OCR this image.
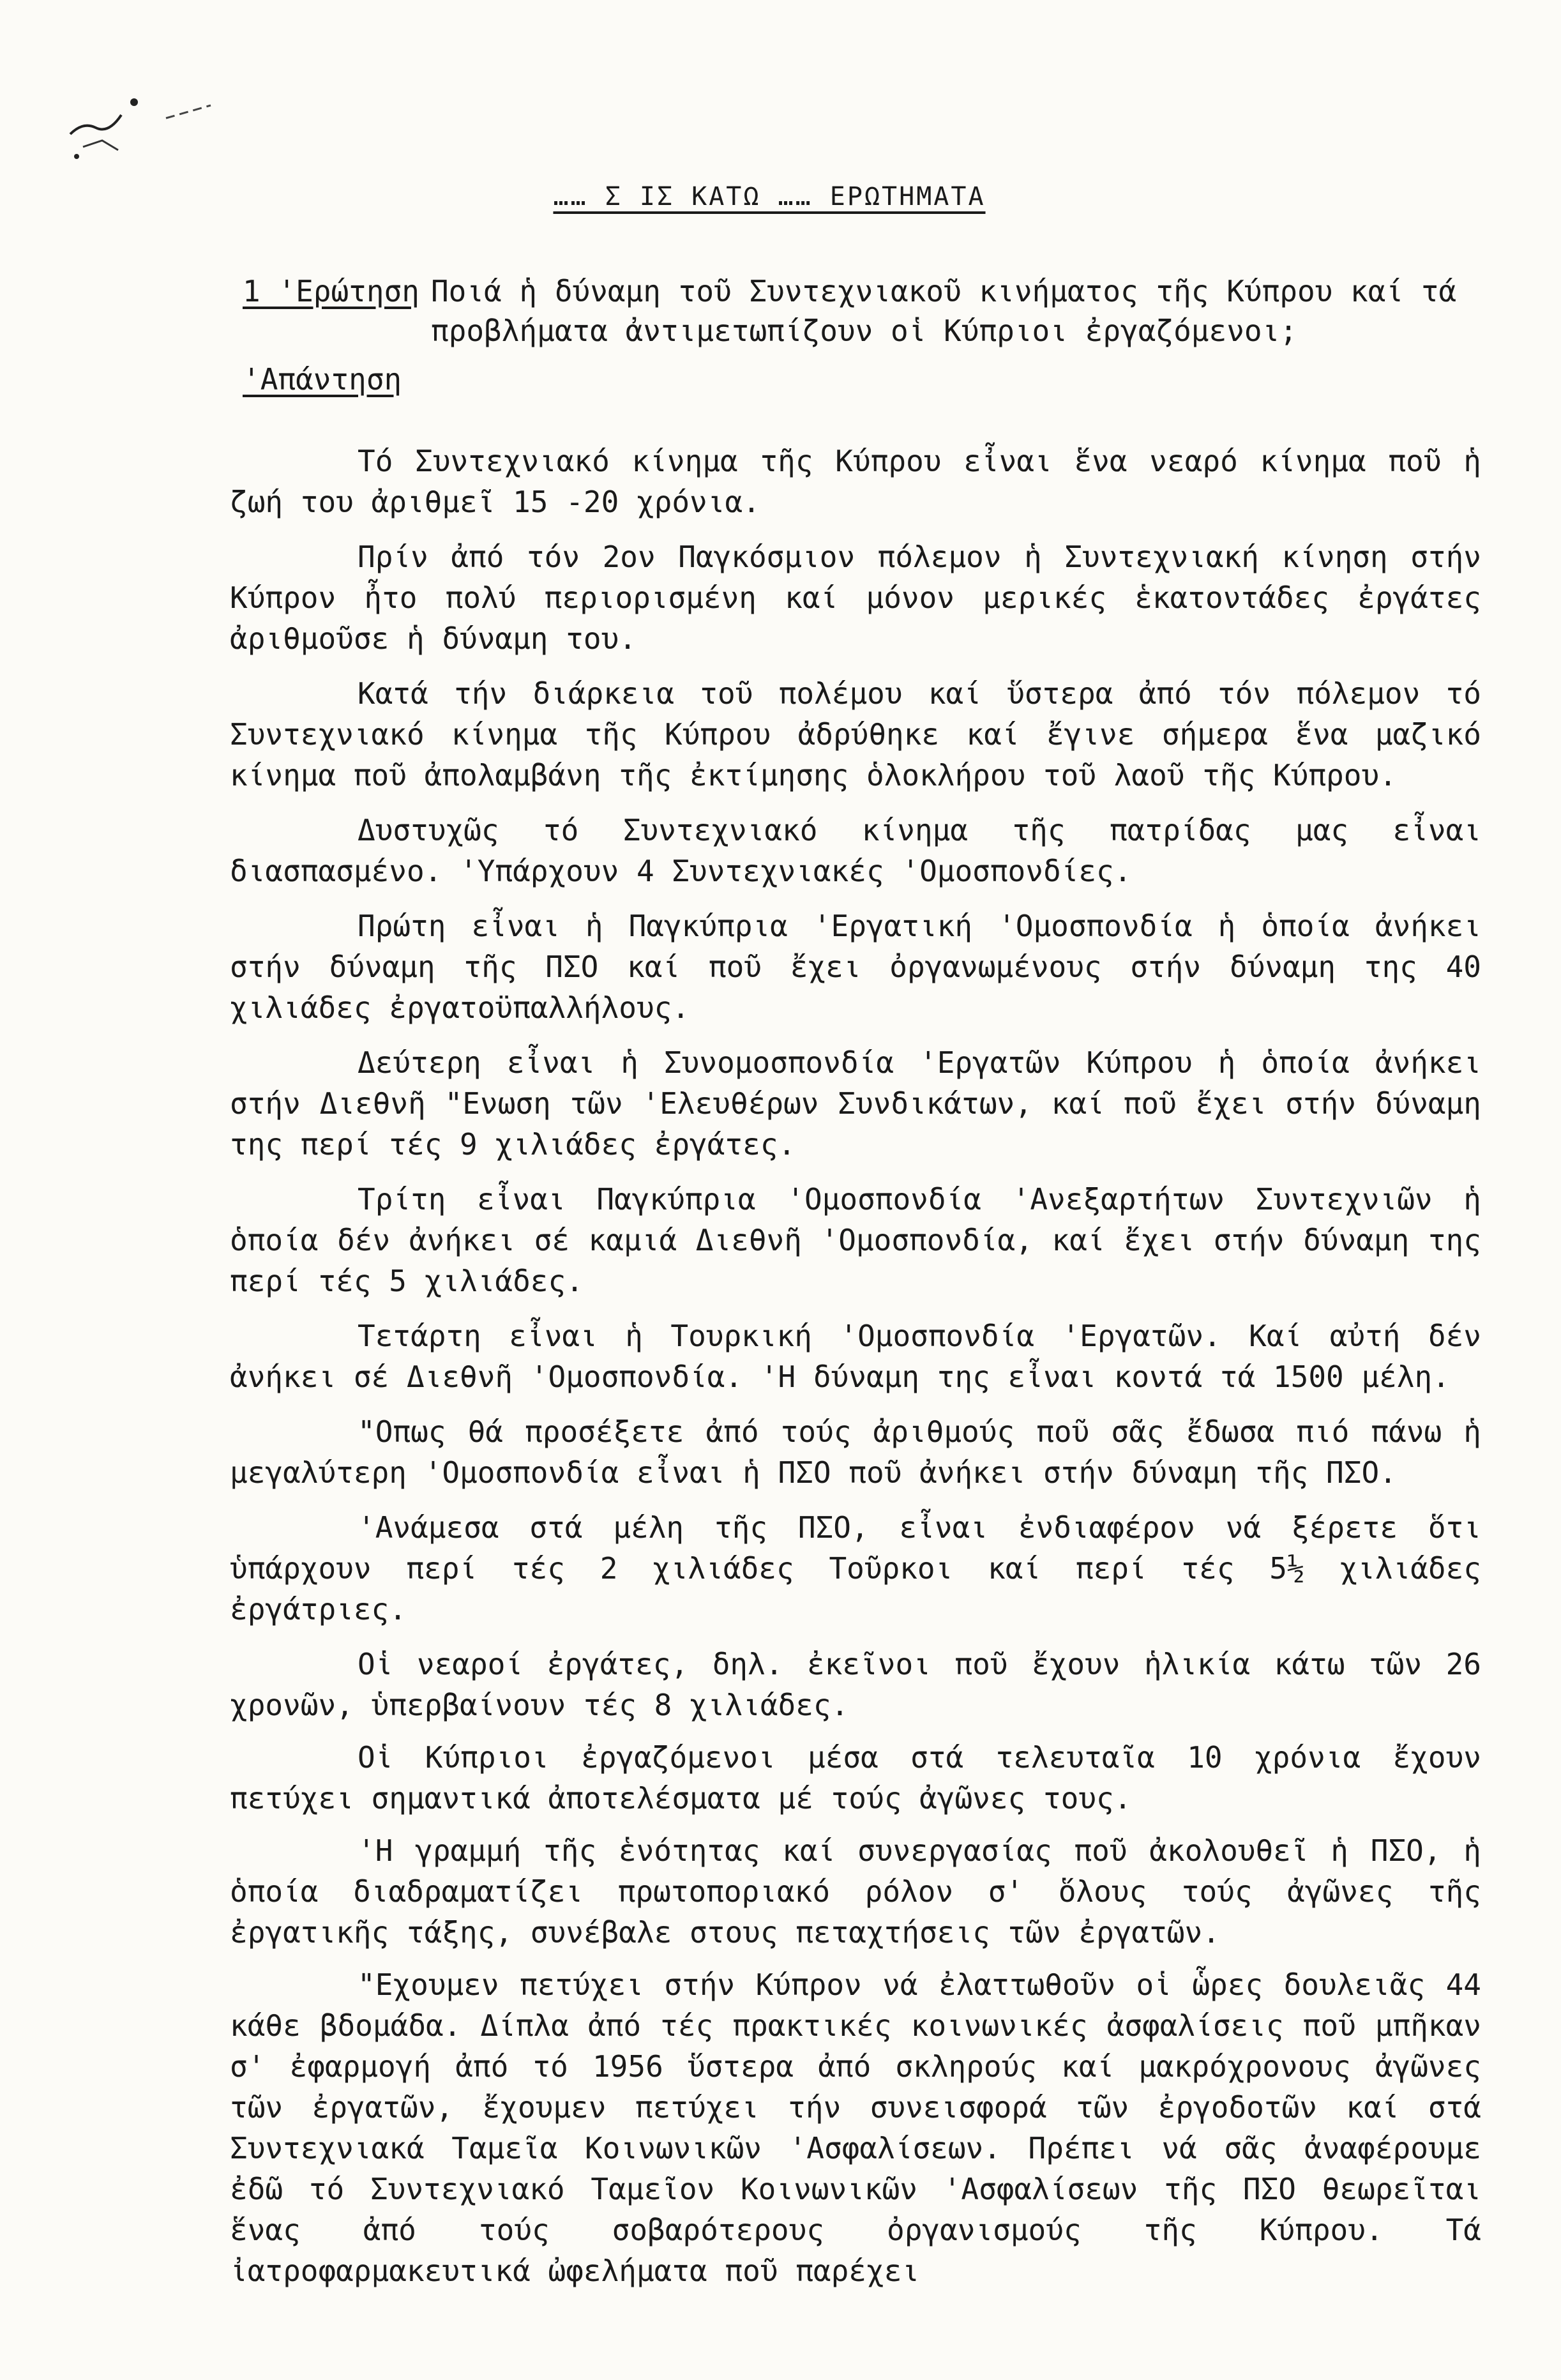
…… Σ ΙΣ ΚΑΤΩ …… ΕΡΩΤΗΜΑΤΑ
1 'Ερώτηση Ποιά ἡ δύναμη τοῦ Συντεχνιακοῦ κινήματος τῆς Κύπρου καί τά προβλήματα ἀντιμετωπίζουν οἱ Κύπριοι ἐργαζόμενοι;
'Απάντηση

Τό Συντεχνιακό κίνημα τῆς Κύπρου εἶναι ἕνα νεαρό κίνημα ποῦ ἡ ζωή του ἀριθμεῖ 15 -20 χρόνια.

Πρίν ἀπό τόν 2ον Παγκόσμιον πόλεμον ἡ Συντεχνιακή κίνηση στήν Κύπρον ἦτο πολύ περιορισμένη καί μόνον μερικές ἑκατοντάδες ἐργάτες ἀριθμοῦσε ἡ δύναμη του.

Κατά τήν διάρκεια τοῦ πολέμου καί ὕστερα ἀπό τόν πόλεμον τό Συντεχνιακό κίνημα τῆς Κύπρου ἀδρύθηκε καί ἔγινε σήμερα ἕνα μαζικό κίνημα ποῦ ἀπολαμβάνη τῆς ἐκτίμησης ὁλοκλήρου τοῦ λαοῦ τῆς Κύπρου.

Δυστυχῶς τό Συντεχνιακό κίνημα τῆς πατρίδας μας εἶναι διασπασμένο. 'Υπάρχουν 4 Συντεχνιακές 'Ομοσπονδίες.

Πρώτη εἶναι ἡ Παγκύπρια 'Εργατική 'Ομοσπονδία ἡ ὁποία ἀνήκει στήν δύναμη τῆς ΠΣΟ καί ποῦ ἔχει ὀργανωμένους στήν δύναμη της 40 χιλιάδες ἐργατοϋπαλλήλους.

Δεύτερη εἶναι ἡ Συνομοσπονδία 'Εργατῶν Κύπρου ἡ ὁποία ἀνήκει στήν Διεθνῆ "Ενωση τῶν 'Ελευθέρων Συνδικάτων, καί ποῦ ἔχει στήν δύναμη της περί τές 9 χιλιάδες ἐργάτες.

Τρίτη εἶναι Παγκύπρια 'Ομοσπονδία 'Ανεξαρτήτων Συντεχνιῶν ἡ ὁποία δέν ἀνήκει σέ καμιά Διεθνῆ 'Ομοσπονδία, καί ἔχει στήν δύναμη της περί τές 5 χιλιάδες.

Τετάρτη εἶναι ἡ Τουρκική 'Ομοσπονδία 'Εργατῶν. Καί αὐτή δέν ἀνήκει σέ Διεθνῆ 'Ομοσπονδία. 'Η δύναμη της εἶναι κοντά τά 1500 μέλη.

"Οπως θά προσέξετε ἀπό τούς ἀριθμούς ποῦ σᾶς ἔδωσα πιό πάνω ἡ μεγαλύτερη 'Ομοσπονδία εἶναι ἡ ΠΣΟ ποῦ ἀνήκει στήν δύναμη τῆς ΠΣΟ.

'Ανάμεσα στά μέλη τῆς ΠΣΟ, εἶναι ἐνδιαφέρον νά ξέρετε ὅτι ὑπάρχουν περί τές 2 χιλιάδες Τοῦρκοι καί περί τές 5½ χιλιάδες ἐργάτριες.

Οἱ νεαροί ἐργάτες, δηλ. ἐκεῖνοι ποῦ ἔχουν ἡλικία κάτω τῶν 26 χρονῶν, ὑπερβαίνουν τές 8 χιλιάδες.

Οἱ Κύπριοι ἐργαζόμενοι μέσα στά τελευταῖα 10 χρόνια ἔχουν πετύχει σημαντικά ἀποτελέσματα μέ τούς ἀγῶνες τους.

'Η γραμμή τῆς ἑνότητας καί συνεργασίας ποῦ ἀκολουθεῖ ἡ ΠΣΟ, ἡ ὁποία διαδραματίζει πρωτοποριακό ρόλον σ' ὅλους τούς ἀγῶνες τῆς ἐργατικῆς τάξης, συνέβαλε στους πεταχτήσεις τῶν ἐργατῶν.

"Εχουμεν πετύχει στήν Κύπρον νά ἐλαττωθοῦν οἱ ὧρες δουλειᾶς 44 κάθε βδομάδα. Δίπλα ἀπό τές πρακτικές κοινωνικές ἀσφαλίσεις ποῦ μπῆκαν σ' ἐφαρμογή ἀπό τό 1956 ὕστερα ἀπό σκληρούς καί μακρόχρονους ἀγῶνες τῶν ἐργατῶν, ἔχουμεν πετύχει τήν συνεισφορά τῶν ἐργοδοτῶν καί στά Συντεχνιακά Ταμεῖα Κοινωνικῶν 'Ασφαλίσεων. Πρέπει νά σᾶς ἀναφέρουμε ἐδῶ τό Συντεχνιακό Ταμεῖον Κοινωνικῶν 'Ασφαλίσεων τῆς ΠΣΟ θεωρεῖται ἕνας ἀπό τούς σοβαρότερους ὀργανισμούς τῆς Κύπρου. Τά ἰατροφαρμακευτικά ὠφελήματα ποῦ παρέχει
